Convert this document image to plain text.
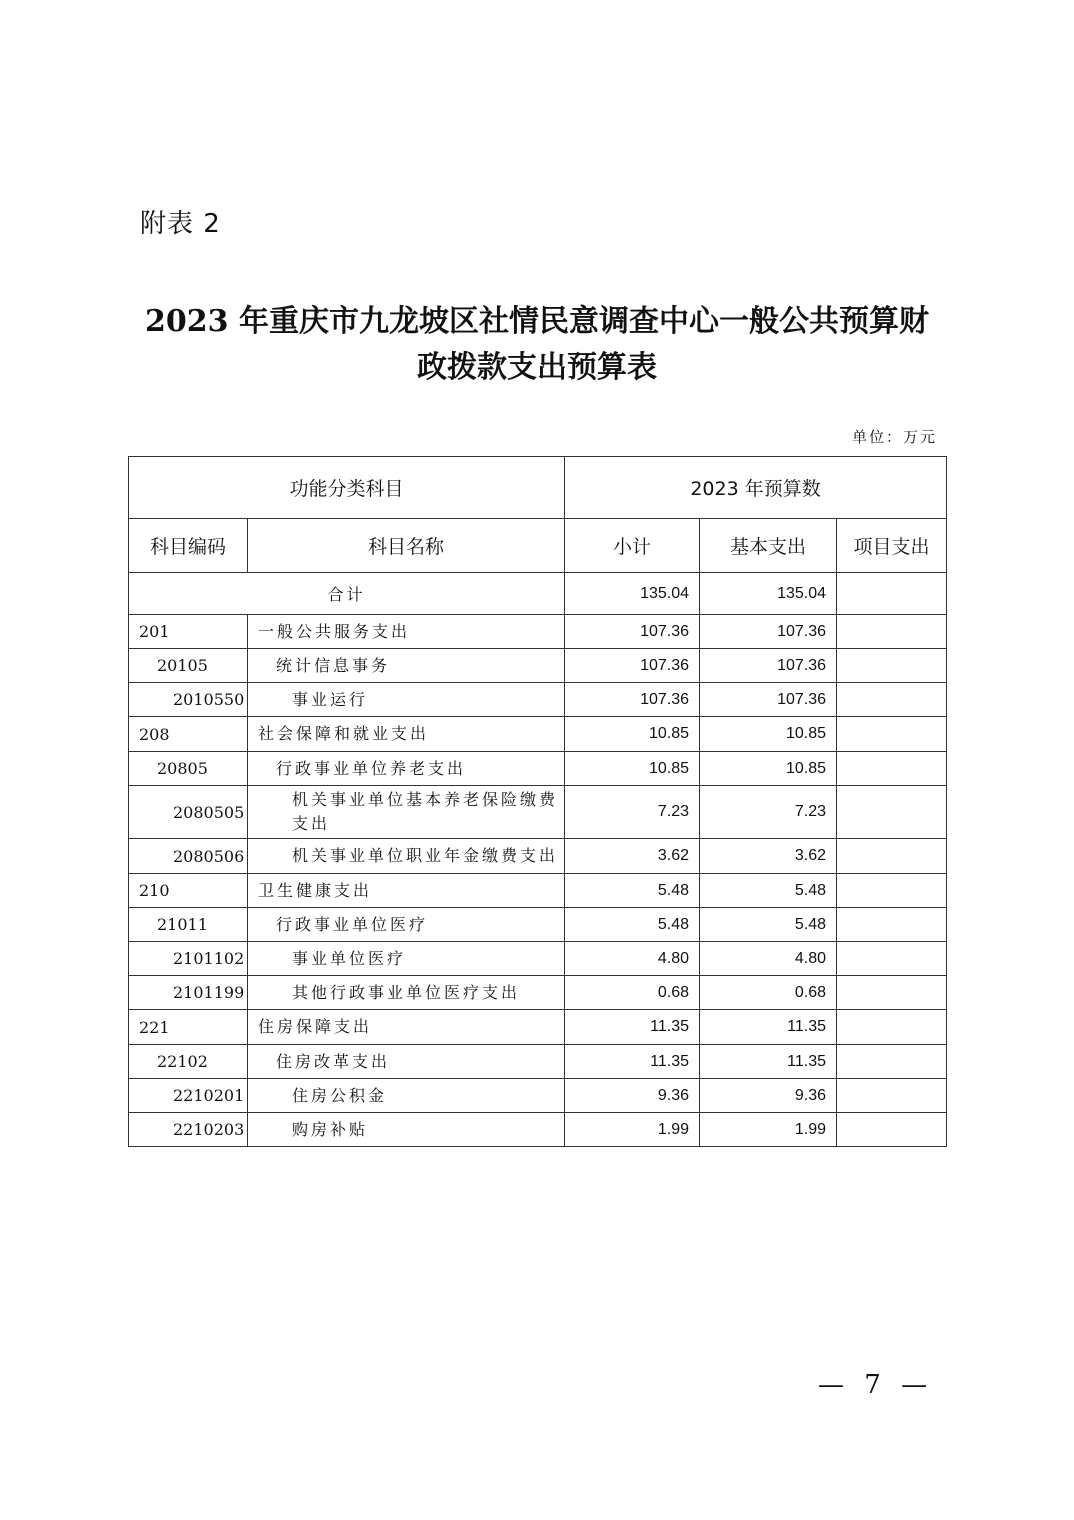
附表 2
2023 年重庆市九龙坡区社情民意调查中心一般公共预算财
政拨款支出预算表
单位：万元
功能分类科目		2023 年预算数		
科目编码	科目名称	小计	基本支出	项目支出
合计		135.04	135.04	
201	一般公共服务支出	107.36	107.36	
20105	统计信息事务	107.36	107.36	
2010550	事业运行	107.36	107.36	
208	社会保障和就业支出	10.85	10.85	
20805	行政事业单位养老支出	10.85	10.85	
2080505	机关事业单位基本养老保险缴费支出	7.23	7.23	
2080506	机关事业单位职业年金缴费支出	3.62	3.62	
210	卫生健康支出	5.48	5.48	
21011	行政事业单位医疗	5.48	5.48	
2101102	事业单位医疗	4.80	4.80	
2101199	其他行政事业单位医疗支出	0.68	0.68	
221	住房保障支出	11.35	11.35	
22102	住房改革支出	11.35	11.35	
2210201	住房公积金	9.36	9.36	
2210203	购房补贴	1.99	1.99	
— 7 —
